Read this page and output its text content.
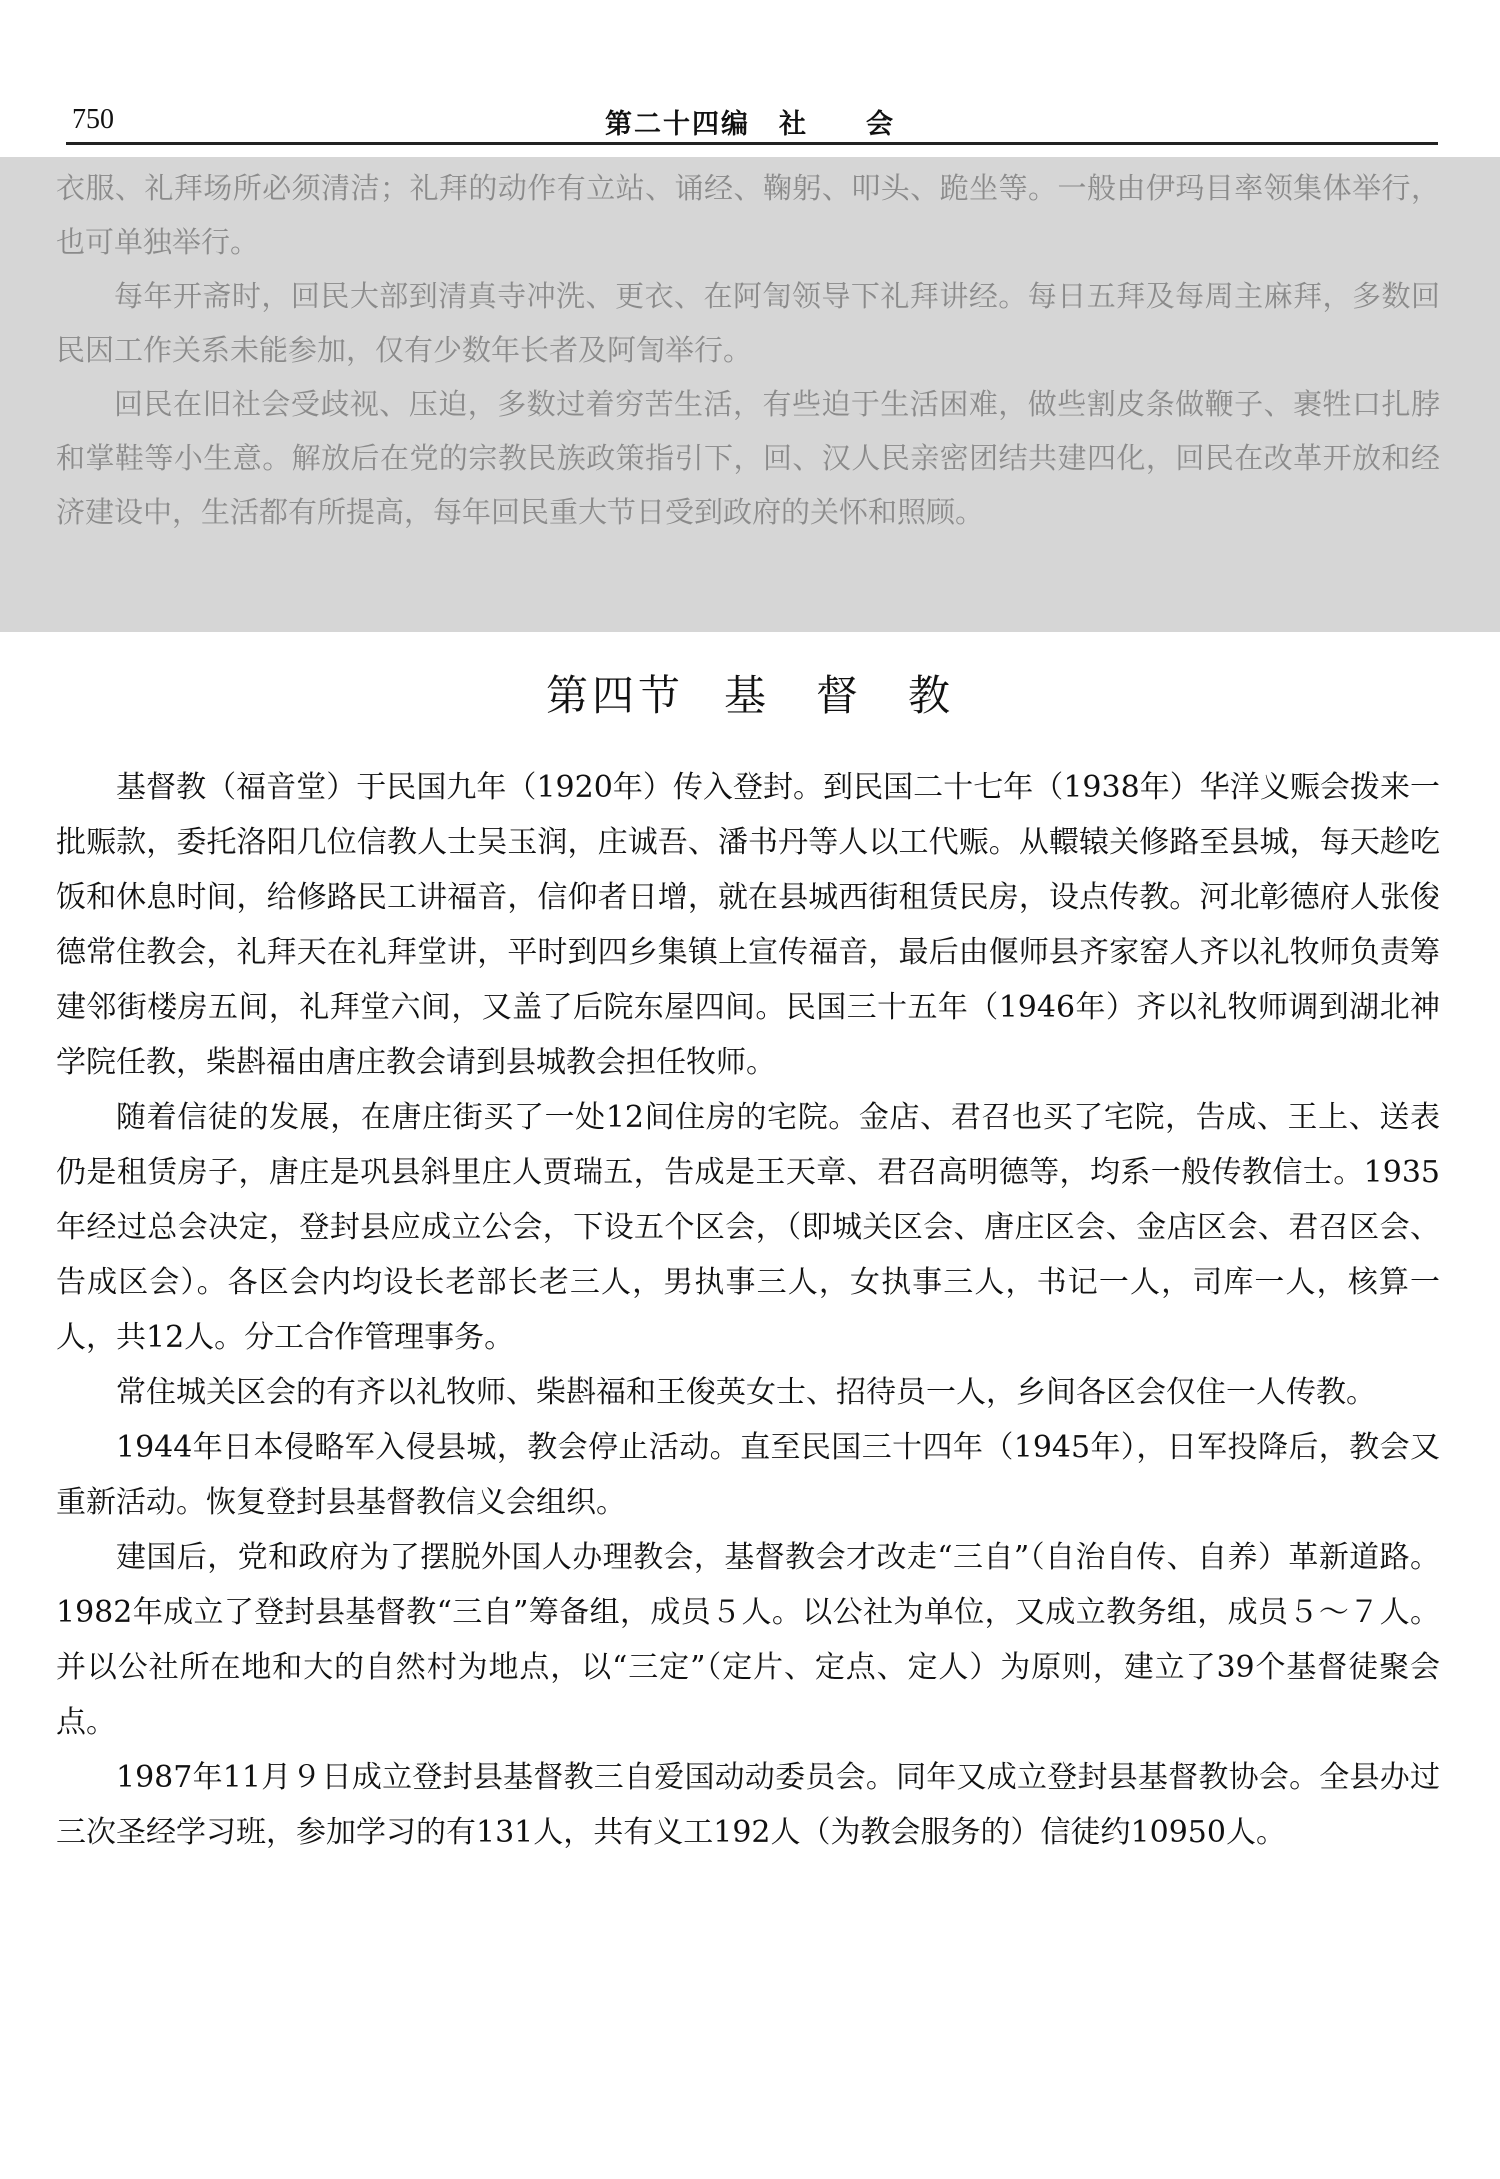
750	第二十四编　社　　会

衣服、礼拜场所必须清洁；礼拜的动作有立站、诵经、鞠躬、叩头、跪坐等。一般由伊玛目率领集体举行，也可单独举行。

每年开斋时，回民大部到清真寺冲洗、更衣、在阿訇领导下礼拜讲经。每日五拜及每周主麻拜，多数回民因工作关系未能参加，仅有少数年长者及阿訇举行。

回民在旧社会受歧视、压迫，多数过着穷苦生活，有些迫于生活困难，做些割皮条做鞭子、裹牲口扎脖和掌鞋等小生意。解放后在党的宗教民族政策指引下，回、汉人民亲密团结共建四化，回民在改革开放和经济建设中，生活都有所提高，每年回民重大节日受到政府的关怀和照顾。

第四节 基　督　教

基督教（福音堂）于民国九年（1920年）传入登封。到民国二十七年（1938年）华洋义赈会拨来一批赈款，委托洛阳几位信教人士吴玉润，庄诚吾、潘书丹等人以工代赈。从轘辕关修路至县城，每天趁吃饭和休息时间，给修路民工讲福音，信仰者日增，就在县城西街租赁民房，设点传教。河北彰德府人张俊德常住教会，礼拜天在礼拜堂讲，平时到四乡集镇上宣传福音，最后由偃师县齐家窑人齐以礼牧师负责筹建邻街楼房五间，礼拜堂六间，又盖了后院东屋四间。民国三十五年（1946年）齐以礼牧师调到湖北神学院任教，柴斟福由唐庄教会请到县城教会担任牧师。

随着信徒的发展，在唐庄街买了一处12间住房的宅院。金店、君召也买了宅院，告成、王上、送表仍是租赁房子，唐庄是巩县斜里庄人贾瑞五，告成是王天章、君召高明德等，均系一般传教信士。1935年经过总会决定，登封县应成立公会，下设五个区会，（即城关区会、唐庄区会、金店区会、君召区会、告成区会）。各区会内均设长老部长老三人，男执事三人，女执事三人，书记一人，司库一人，核算一人，共12人。分工合作管理事务。

常住城关区会的有齐以礼牧师、柴斟福和王俊英女士、招待员一人，乡间各区会仅住一人传教。

1944年日本侵略军入侵县城，教会停止活动。直至民国三十四年（1945年），日军投降后，教会又重新活动。恢复登封县基督教信义会组织。

建国后，党和政府为了摆脱外国人办理教会，基督教会才改走“三自”（自治自传、自养）革新道路。1982年成立了登封县基督教“三自”筹备组，成员５人。以公社为单位，又成立教务组，成员５～７人。并以公社所在地和大的自然村为地点，以“三定”（定片、定点、定人）为原则，建立了39个基督徒聚会点。

1987年11月９日成立登封县基督教三自爱国动动委员会。同年又成立登封县基督教协会。全县办过三次圣经学习班，参加学习的有131人，共有义工192人（为教会服务的）信徒约10950人。
